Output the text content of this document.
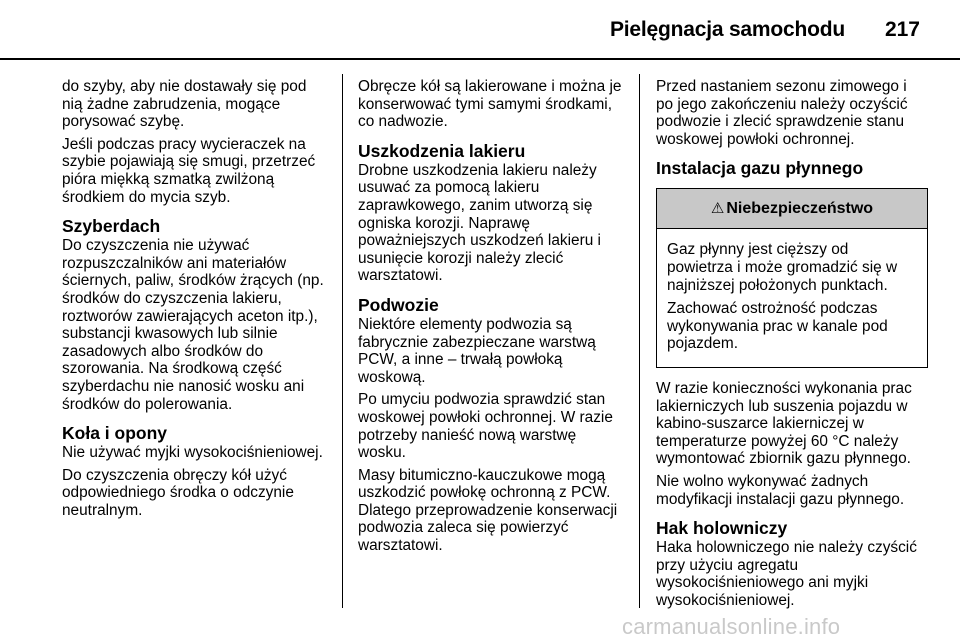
Pielęgnacja samochodu 217

do szyby, aby nie dostawały się pod nią żadne zabrudzenia, mogące porysować szybę.

Jeśli podczas pracy wycieraczek na szybie pojawiają się smugi, przetrzeć pióra miękką szmatką zwilżoną środkiem do mycia szyb.

Szyberdach

Do czyszczenia nie używać rozpuszczalników ani materiałów ściernych, paliw, środków żrących (np. środków do czyszczenia lakieru, roztworów zawierających aceton itp.), substancji kwasowych lub silnie zasadowych albo środków do szorowania. Na środkową część szyberdachu nie nanosić wosku ani środków do polerowania.

Koła i opony

Nie używać myjki wysokociśnieniowej.

Do czyszczenia obręczy kół użyć odpowiedniego środka o odczynie neutralnym.

Obręcze kół są lakierowane i można je konserwować tymi samymi środkami, co nadwozie.

Uszkodzenia lakieru

Drobne uszkodzenia lakieru należy usuwać za pomocą lakieru zaprawkowego, zanim utworzą się ogniska korozji. Naprawę poważniejszych uszkodzeń lakieru i usunięcie korozji należy zlecić warsztatowi.

Podwozie

Niektóre elementy podwozia są fabrycznie zabezpieczane warstwą PCW, a inne – trwałą powłoką woskową.

Po umyciu podwozia sprawdzić stan woskowej powłoki ochronnej. W razie potrzeby nanieść nową warstwę wosku.

Masy bitumiczno-kauczukowe mogą uszkodzić powłokę ochronną z PCW. Dlatego przeprowadzenie konserwacji podwozia zaleca się powierzyć warsztatowi.

Przed nastaniem sezonu zimowego i po jego zakończeniu należy oczyścić podwozie i zlecić sprawdzenie stanu woskowej powłoki ochronnej.

Instalacja gazu płynnego
⚠ Niebezpieczeństwo

Gaz płynny jest cięższy od powietrza i może gromadzić się w najniższej położonych punktach.

Zachować ostrożność podczas wykonywania prac w kanale pod pojazdem.

W razie konieczności wykonania prac lakierniczych lub suszenia pojazdu w kabino-suszarce lakierniczej w temperaturze powyżej 60 °C należy wymontować zbiornik gazu płynnego.

Nie wolno wykonywać żadnych modyfikacji instalacji gazu płynnego.

Hak holowniczy

Haka holowniczego nie należy czyścić przy użyciu agregatu wysokociśnieniowego ani myjki wysokociśnieniowej.

carmanualsonline.info
